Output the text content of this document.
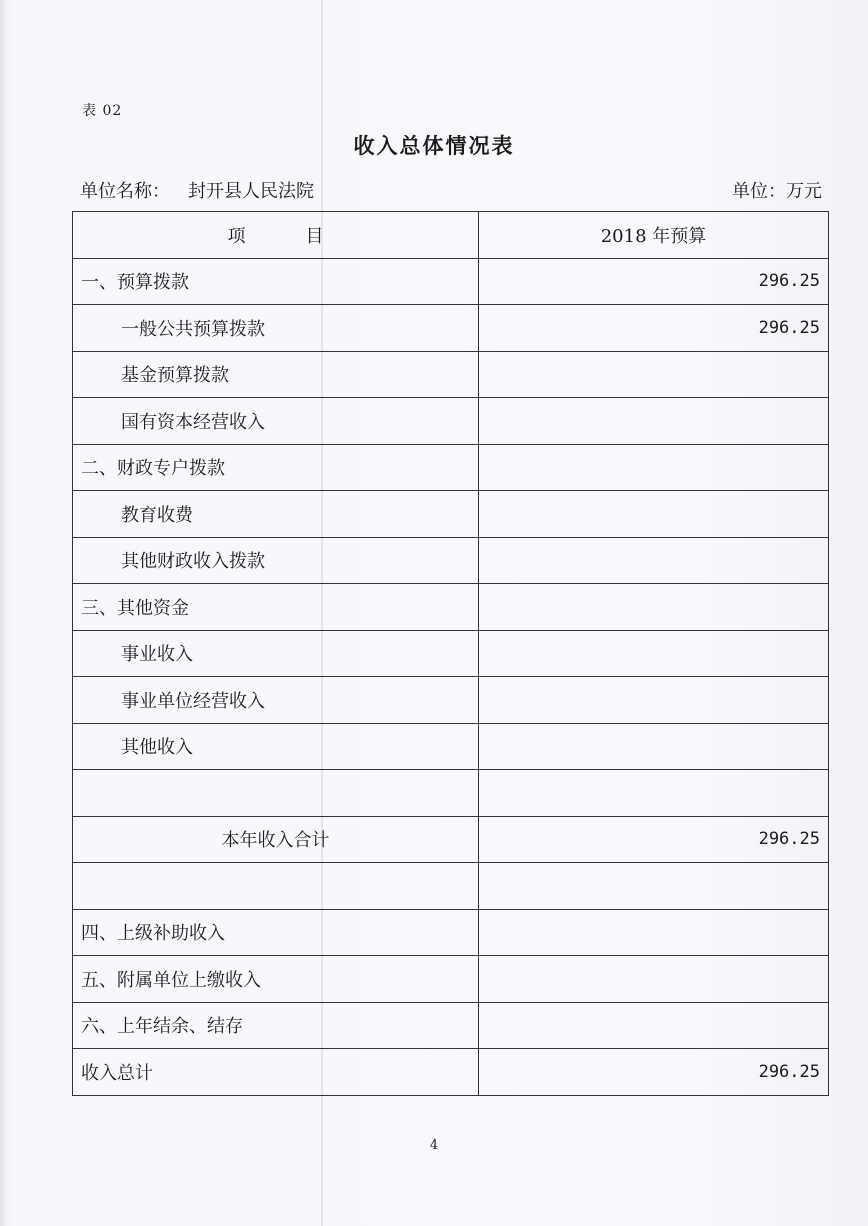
表 02
收入总体情况表
单位名称： 封开县人民法院	单位：万元
项 目	2018 年预算
一、预算拨款	296.25
一般公共预算拨款	296.25
基金预算拨款	
国有资本经营收入	
二、财政专户拨款	
教育收费	
其他财政收入拨款	
三、其他资金	
事业收入	
事业单位经营收入	
其他收入	

本年收入合计	296.25

四、上级补助收入	
五、附属单位上缴收入	
六、上年结余、结存	
收入总计	296.25
4
